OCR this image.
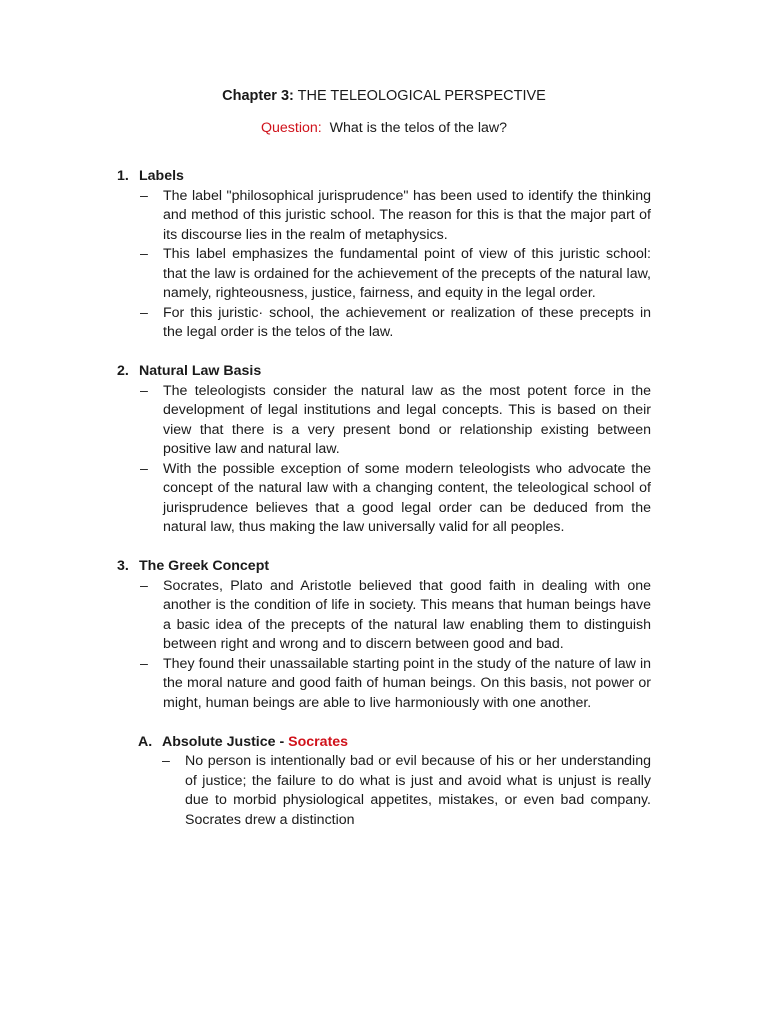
Chapter 3: THE TELEOLOGICAL PERSPECTIVE
Question: What is the telos of the law?
1. Labels
–	The label "philosophical jurisprudence" has been used to identify the thinking and method of this juristic school. The reason for this is that the major part of its discourse lies in the realm of metaphysics.
–	This label emphasizes the fundamental point of view of this juristic school: that the law is ordained for the achievement of the precepts of the natural law, namely, righteousness, justice, fairness, and equity in the legal order.
–	For this juristic· school, the achievement or realization of these precepts in the legal order is the telos of the law.
2. Natural Law Basis
–	The teleologists consider the natural law as the most potent force in the development of legal institutions and legal concepts. This is based on their view that there is a very present bond or relationship existing between positive law and natural law.
–	With the possible exception of some modern teleologists who advocate the concept of the natural law with a changing content, the teleological school of jurisprudence believes that a good legal order can be deduced from the natural law, thus making the law universally valid for all peoples.
3. The Greek Concept
–	Socrates, Plato and Aristotle believed that good faith in dealing with one another is the condition of life in society. This means that human beings have a basic idea of the precepts of the natural law enabling them to distinguish between right and wrong and to discern between good and bad.
–	They found their unassailable starting point in the study of the nature of law in the moral nature and good faith of human beings. On this basis, not power or might, human beings are able to live harmoniously with one another.
A. Absolute Justice - Socrates
–	No person is intentionally bad or evil because of his or her understanding of justice; the failure to do what is just and avoid what is unjust is really due to morbid physiological appetites, mistakes, or even bad company. Socrates drew a distinction
